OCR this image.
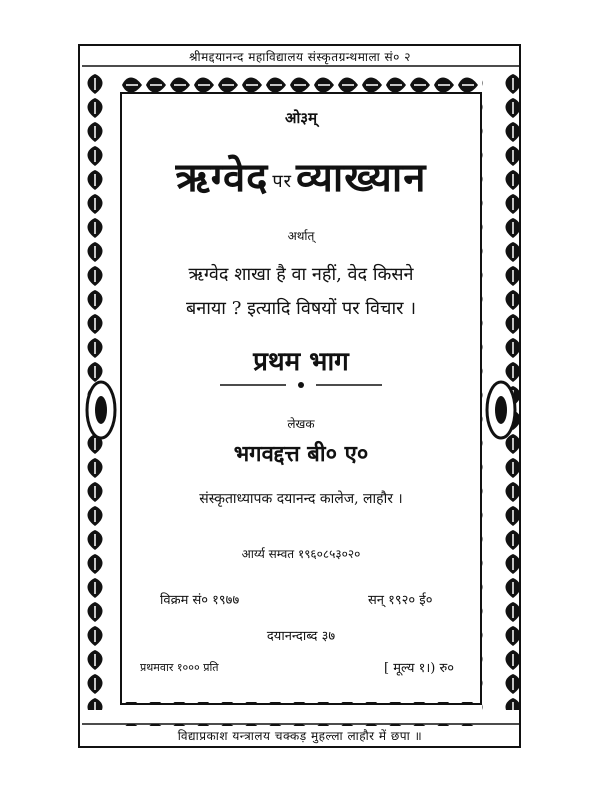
श्रीमद्दयानन्द महाविद्यालय संस्कृतग्रन्थमाला सं० २
ओ३म्
ऋग्वेद पर व्याख्यान
अर्थात्
ऋग्वेद शाखा है वा नहीं, वेद किसने
बनाया ? इत्यादि विषयों पर विचार ।
प्रथम भाग
लेखक
भगवद्दत्त बी० ए०
संस्कृताध्यापक दयानन्द कालेज, लाहौर ।
आर्य्य सम्वत १९६०८५३०२०
विक्रम सं० १९७७	सन् १९२० ई०
दयानन्दाब्द ३७
प्रथमवार १००० प्रति	[ मूल्य १।) रु०
विद्याप्रकाश यन्त्रालय चक्कड़ मुहल्ला लाहौर में छपा ॥
